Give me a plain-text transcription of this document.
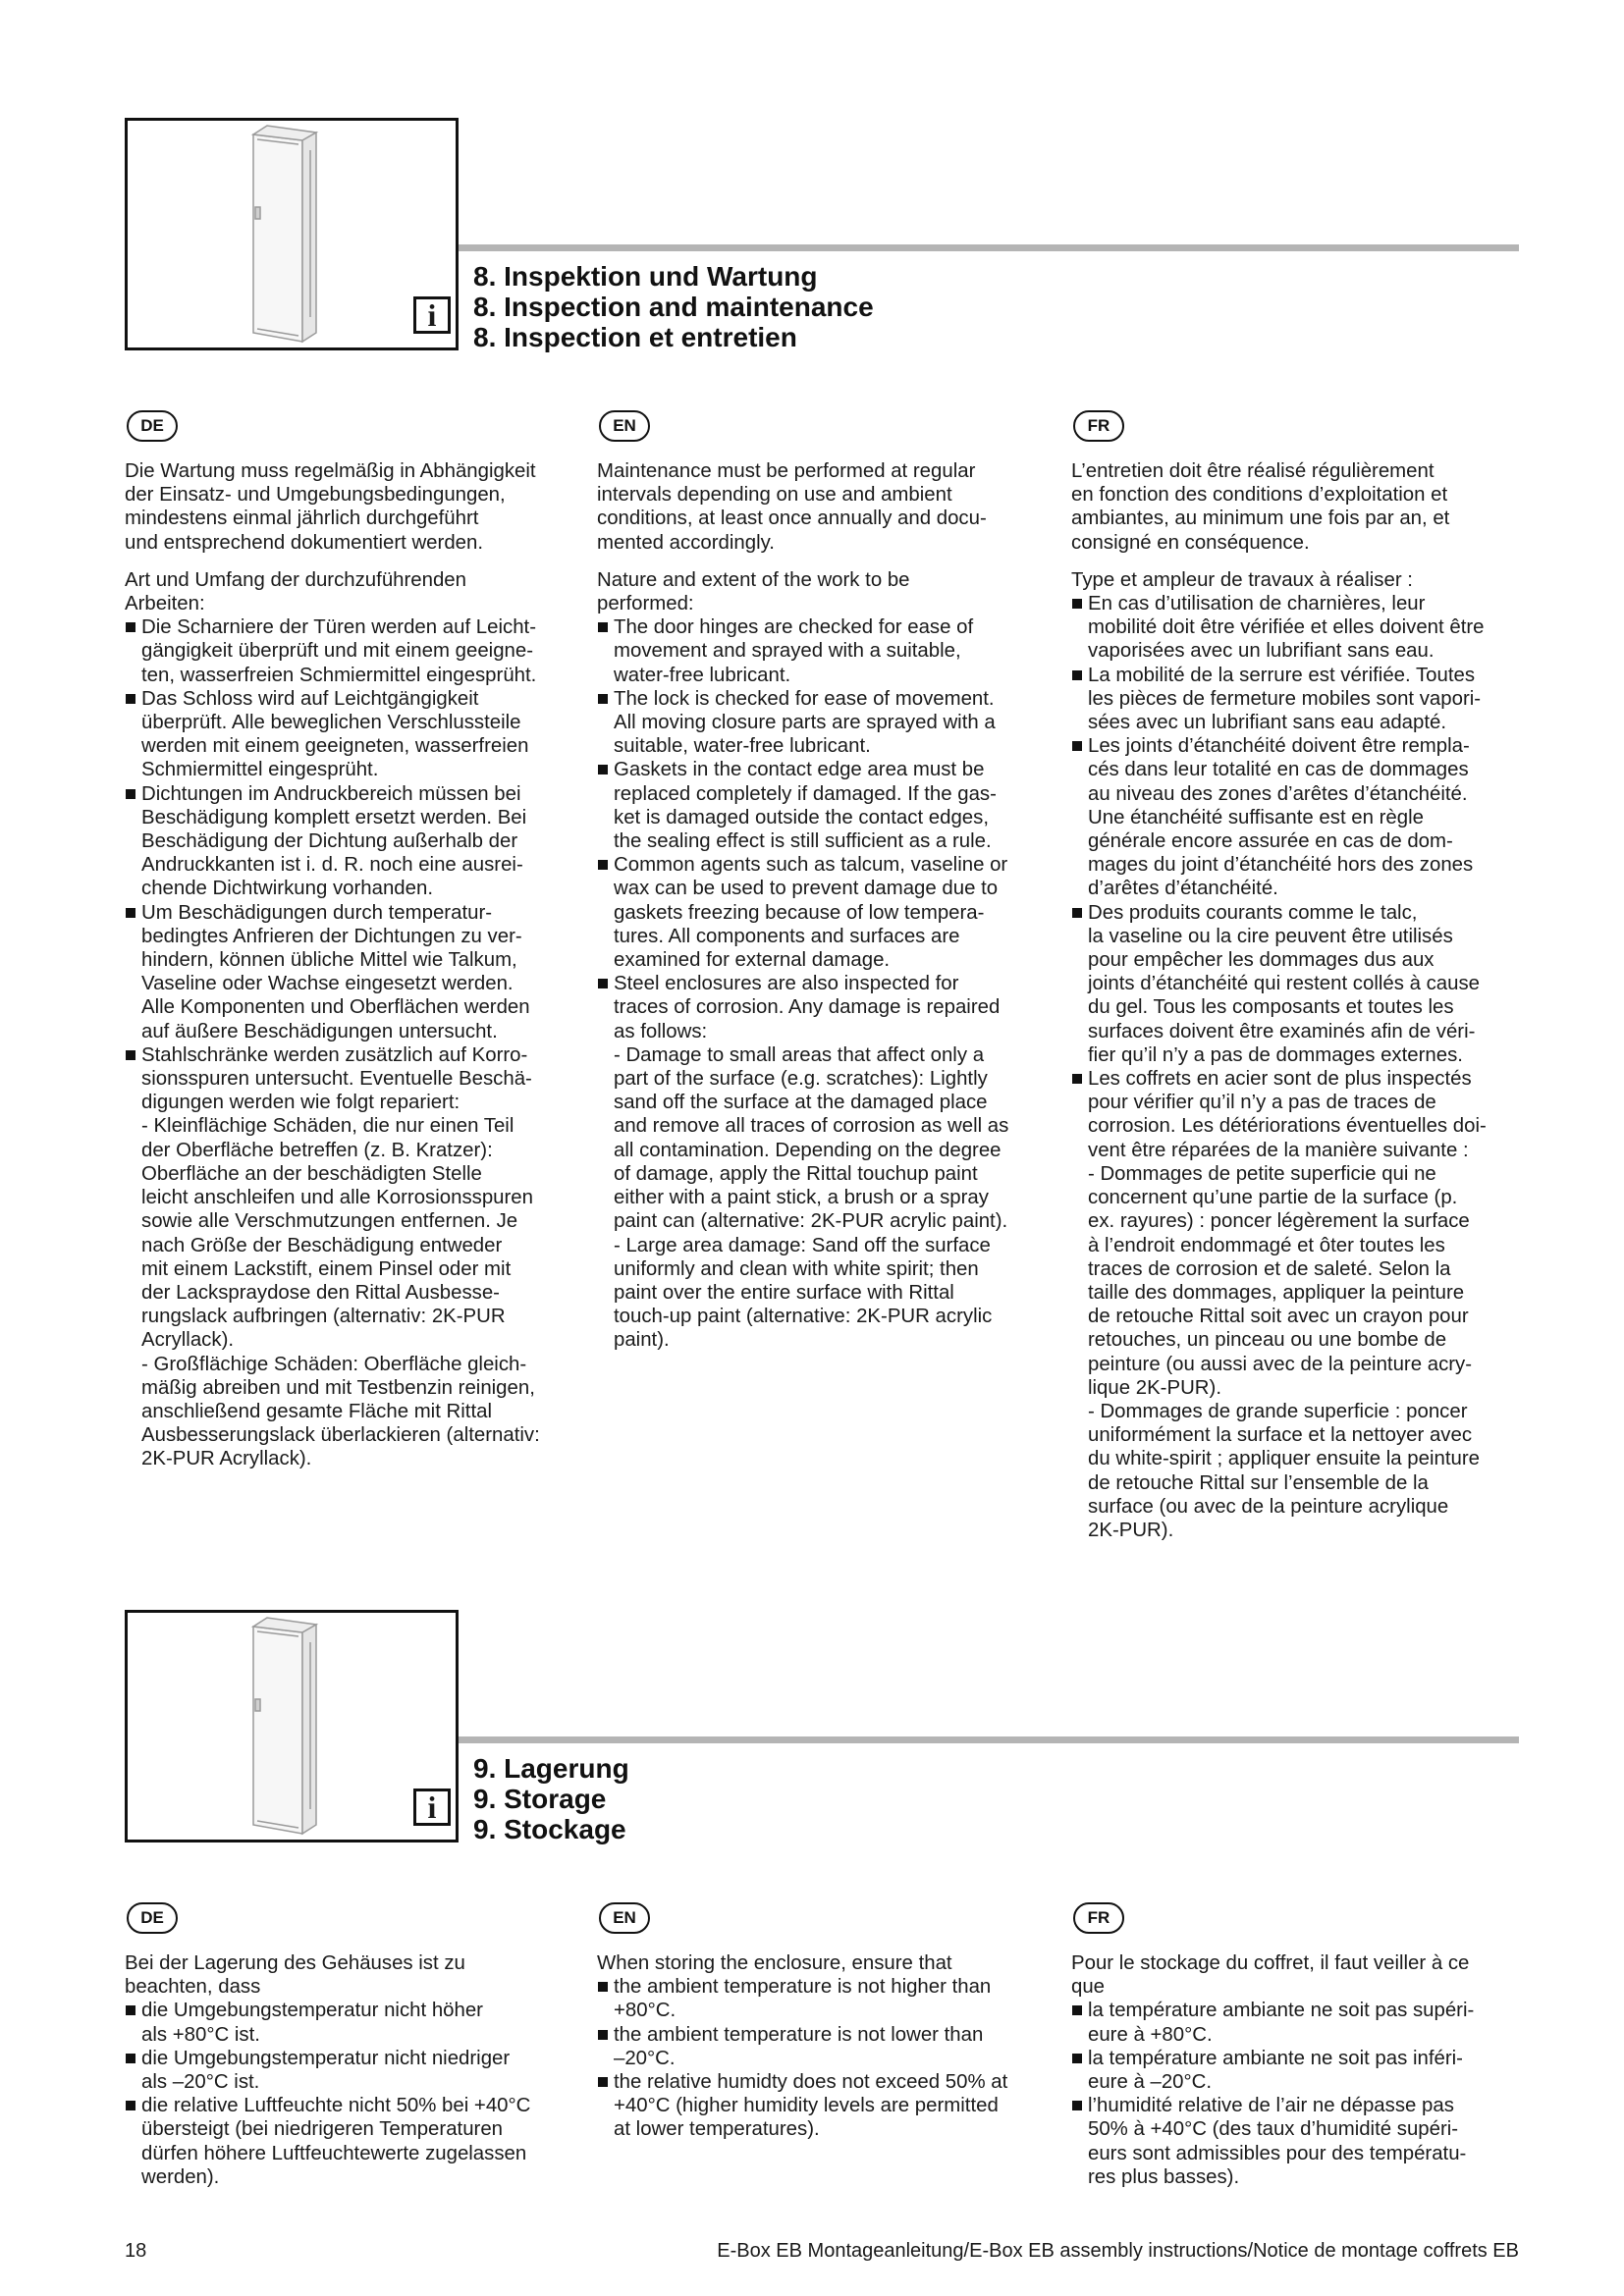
i
8. Inspektion und Wartung
8. Inspection and maintenance
8. Inspection et entretien
DE

Die Wartung muss regelmäßig in Abhängigkeit
der Einsatz- und Umgebungsbedingungen,
mindestens einmal jährlich durchgeführt
und entsprechend dokumentiert werden.

Art und Umfang der durchzuführenden
Arbeiten:

Die Scharniere der Türen werden auf Leicht-
gängigkeit überprüft und mit einem geeigne-
ten, wasserfreien Schmiermittel eingesprüht.
Das Schloss wird auf Leichtgängigkeit
überprüft. Alle beweglichen Verschlussteile
werden mit einem geeigneten, wasserfreien
Schmiermittel eingesprüht.
Dichtungen im Andruckbereich müssen bei
Beschädigung komplett ersetzt werden. Bei
Beschädigung der Dichtung außerhalb der
Andruckkanten ist i. d. R. noch eine ausrei-
chende Dichtwirkung vorhanden.
Um Beschädigungen durch temperatur-
bedingtes Anfrieren der Dichtungen zu ver-
hindern, können übliche Mittel wie Talkum,
Vaseline oder Wachse eingesetzt werden.
Alle Komponenten und Oberflächen werden
auf äußere Beschädigungen untersucht.
Stahlschränke werden zusätzlich auf Korro-
sionsspuren untersucht. Eventuelle Beschä-
digungen werden wie folgt repariert:
- Kleinflächige Schäden, die nur einen Teil
der Oberfläche betreffen (z. B. Kratzer):
Oberfläche an der beschädigten Stelle
leicht anschleifen und alle Korrosionsspuren
sowie alle Verschmutzungen entfernen. Je
nach Größe der Beschädigung entweder
mit einem Lackstift, einem Pinsel oder mit
der Lackspraydose den Rittal Ausbesse-
rungslack aufbringen (alternativ: 2K-PUR
Acryllack).
- Großflächige Schäden: Oberfläche gleich-
mäßig abreiben und mit Testbenzin reinigen,
anschließend gesamte Fläche mit Rittal
Ausbesserungslack überlackieren (alternativ:
2K-PUR Acryllack).
EN

Maintenance must be performed at regular
intervals depending on use and ambient
conditions, at least once annually and docu-
mented accordingly.

Nature and extent of the work to be
performed:

The door hinges are checked for ease of
movement and sprayed with a suitable,
water-free lubricant.
The lock is checked for ease of movement.
All moving closure parts are sprayed with a
suitable, water-free lubricant.
Gaskets in the contact edge area must be
replaced completely if damaged. If the gas-
ket is damaged outside the contact edges,
the sealing effect is still sufficient as a rule.
Common agents such as talcum, vaseline or
wax can be used to prevent damage due to
gaskets freezing because of low tempera-
tures. All components and surfaces are
examined for external damage.
Steel enclosures are also inspected for
traces of corrosion. Any damage is repaired
as follows:
- Damage to small areas that affect only a
part of the surface (e.g. scratches): Lightly
sand off the surface at the damaged place
and remove all traces of corrosion as well as
all contamination. Depending on the degree
of damage, apply the Rittal touchup paint
either with a paint stick, a brush or a spray
paint can (alternative: 2K-PUR acrylic paint).
- Large area damage: Sand off the surface
uniformly and clean with white spirit; then
paint over the entire surface with Rittal
touch-up paint (alternative: 2K-PUR acrylic
paint).
FR

L’entretien doit être réalisé régulièrement
en fonction des conditions d’exploitation et
ambiantes, au minimum une fois par an, et
consigné en conséquence.

Type et ampleur de travaux à réaliser :

En cas d’utilisation de charnières, leur
mobilité doit être vérifiée et elles doivent être
vaporisées avec un lubrifiant sans eau.
La mobilité de la serrure est vérifiée. Toutes
les pièces de fermeture mobiles sont vapori-
sées avec un lubrifiant sans eau adapté.
Les joints d’étanchéité doivent être rempla-
cés dans leur totalité en cas de dommages
au niveau des zones d’arêtes d’étanchéité.
Une étanchéité suffisante est en règle
générale encore assurée en cas de dom-
mages du joint d’étanchéité hors des zones
d’arêtes d’étanchéité.
Des produits courants comme le talc,
la vaseline ou la cire peuvent être utilisés
pour empêcher les dommages dus aux
joints d’étanchéité qui restent collés à cause
du gel. Tous les composants et toutes les
surfaces doivent être examinés afin de véri-
fier qu’il n’y a pas de dommages externes.
Les coffrets en acier sont de plus inspectés
pour vérifier qu’il n’y a pas de traces de
corrosion. Les détériorations éventuelles doi-
vent être réparées de la manière suivante :
- Dommages de petite superficie qui ne
concernent qu’une partie de la surface (p.
ex. rayures) : poncer légèrement la surface
à l’endroit endommagé et ôter toutes les
traces de corrosion et de saleté. Selon la
taille des dommages, appliquer la peinture
de retouche Rittal soit avec un crayon pour
retouches, un pinceau ou une bombe de
peinture (ou aussi avec de la peinture acry-
lique 2K-PUR).
- Dommages de grande superficie : poncer
uniformément la surface et la nettoyer avec
du white-spirit ; appliquer ensuite la peinture
de retouche Rittal sur l’ensemble de la
surface (ou avec de la peinture acrylique
2K-PUR).
i
9. Lagerung
9. Storage
9. Stockage
DE

Bei der Lagerung des Gehäuses ist zu
beachten, dass

die Umgebungstemperatur nicht höher
als +80°C ist.
die Umgebungstemperatur nicht niedriger
als –20°C ist.
die relative Luftfeuchte nicht 50% bei +40°C
übersteigt (bei niedrigeren Temperaturen
dürfen höhere Luftfeuchtewerte zugelassen
werden).
EN

When storing the enclosure, ensure that

the ambient temperature is not higher than
+80°C.
the ambient temperature is not lower than
–20°C.
the relative humidty does not exceed 50% at
+40°C (higher humidity levels are permitted
at lower temperatures).
FR

Pour le stockage du coffret, il faut veiller à ce
que

la température ambiante ne soit pas supéri-
eure à +80°C.
la température ambiante ne soit pas inféri-
eure à –20°C.
l’humidité relative de l’air ne dépasse pas
50% à +40°C (des taux d’humidité supéri-
eurs sont admissibles pour des températu-
res plus basses).
18	E-Box EB Montageanleitung/E-Box EB assembly instructions/Notice de montage coffrets EB
